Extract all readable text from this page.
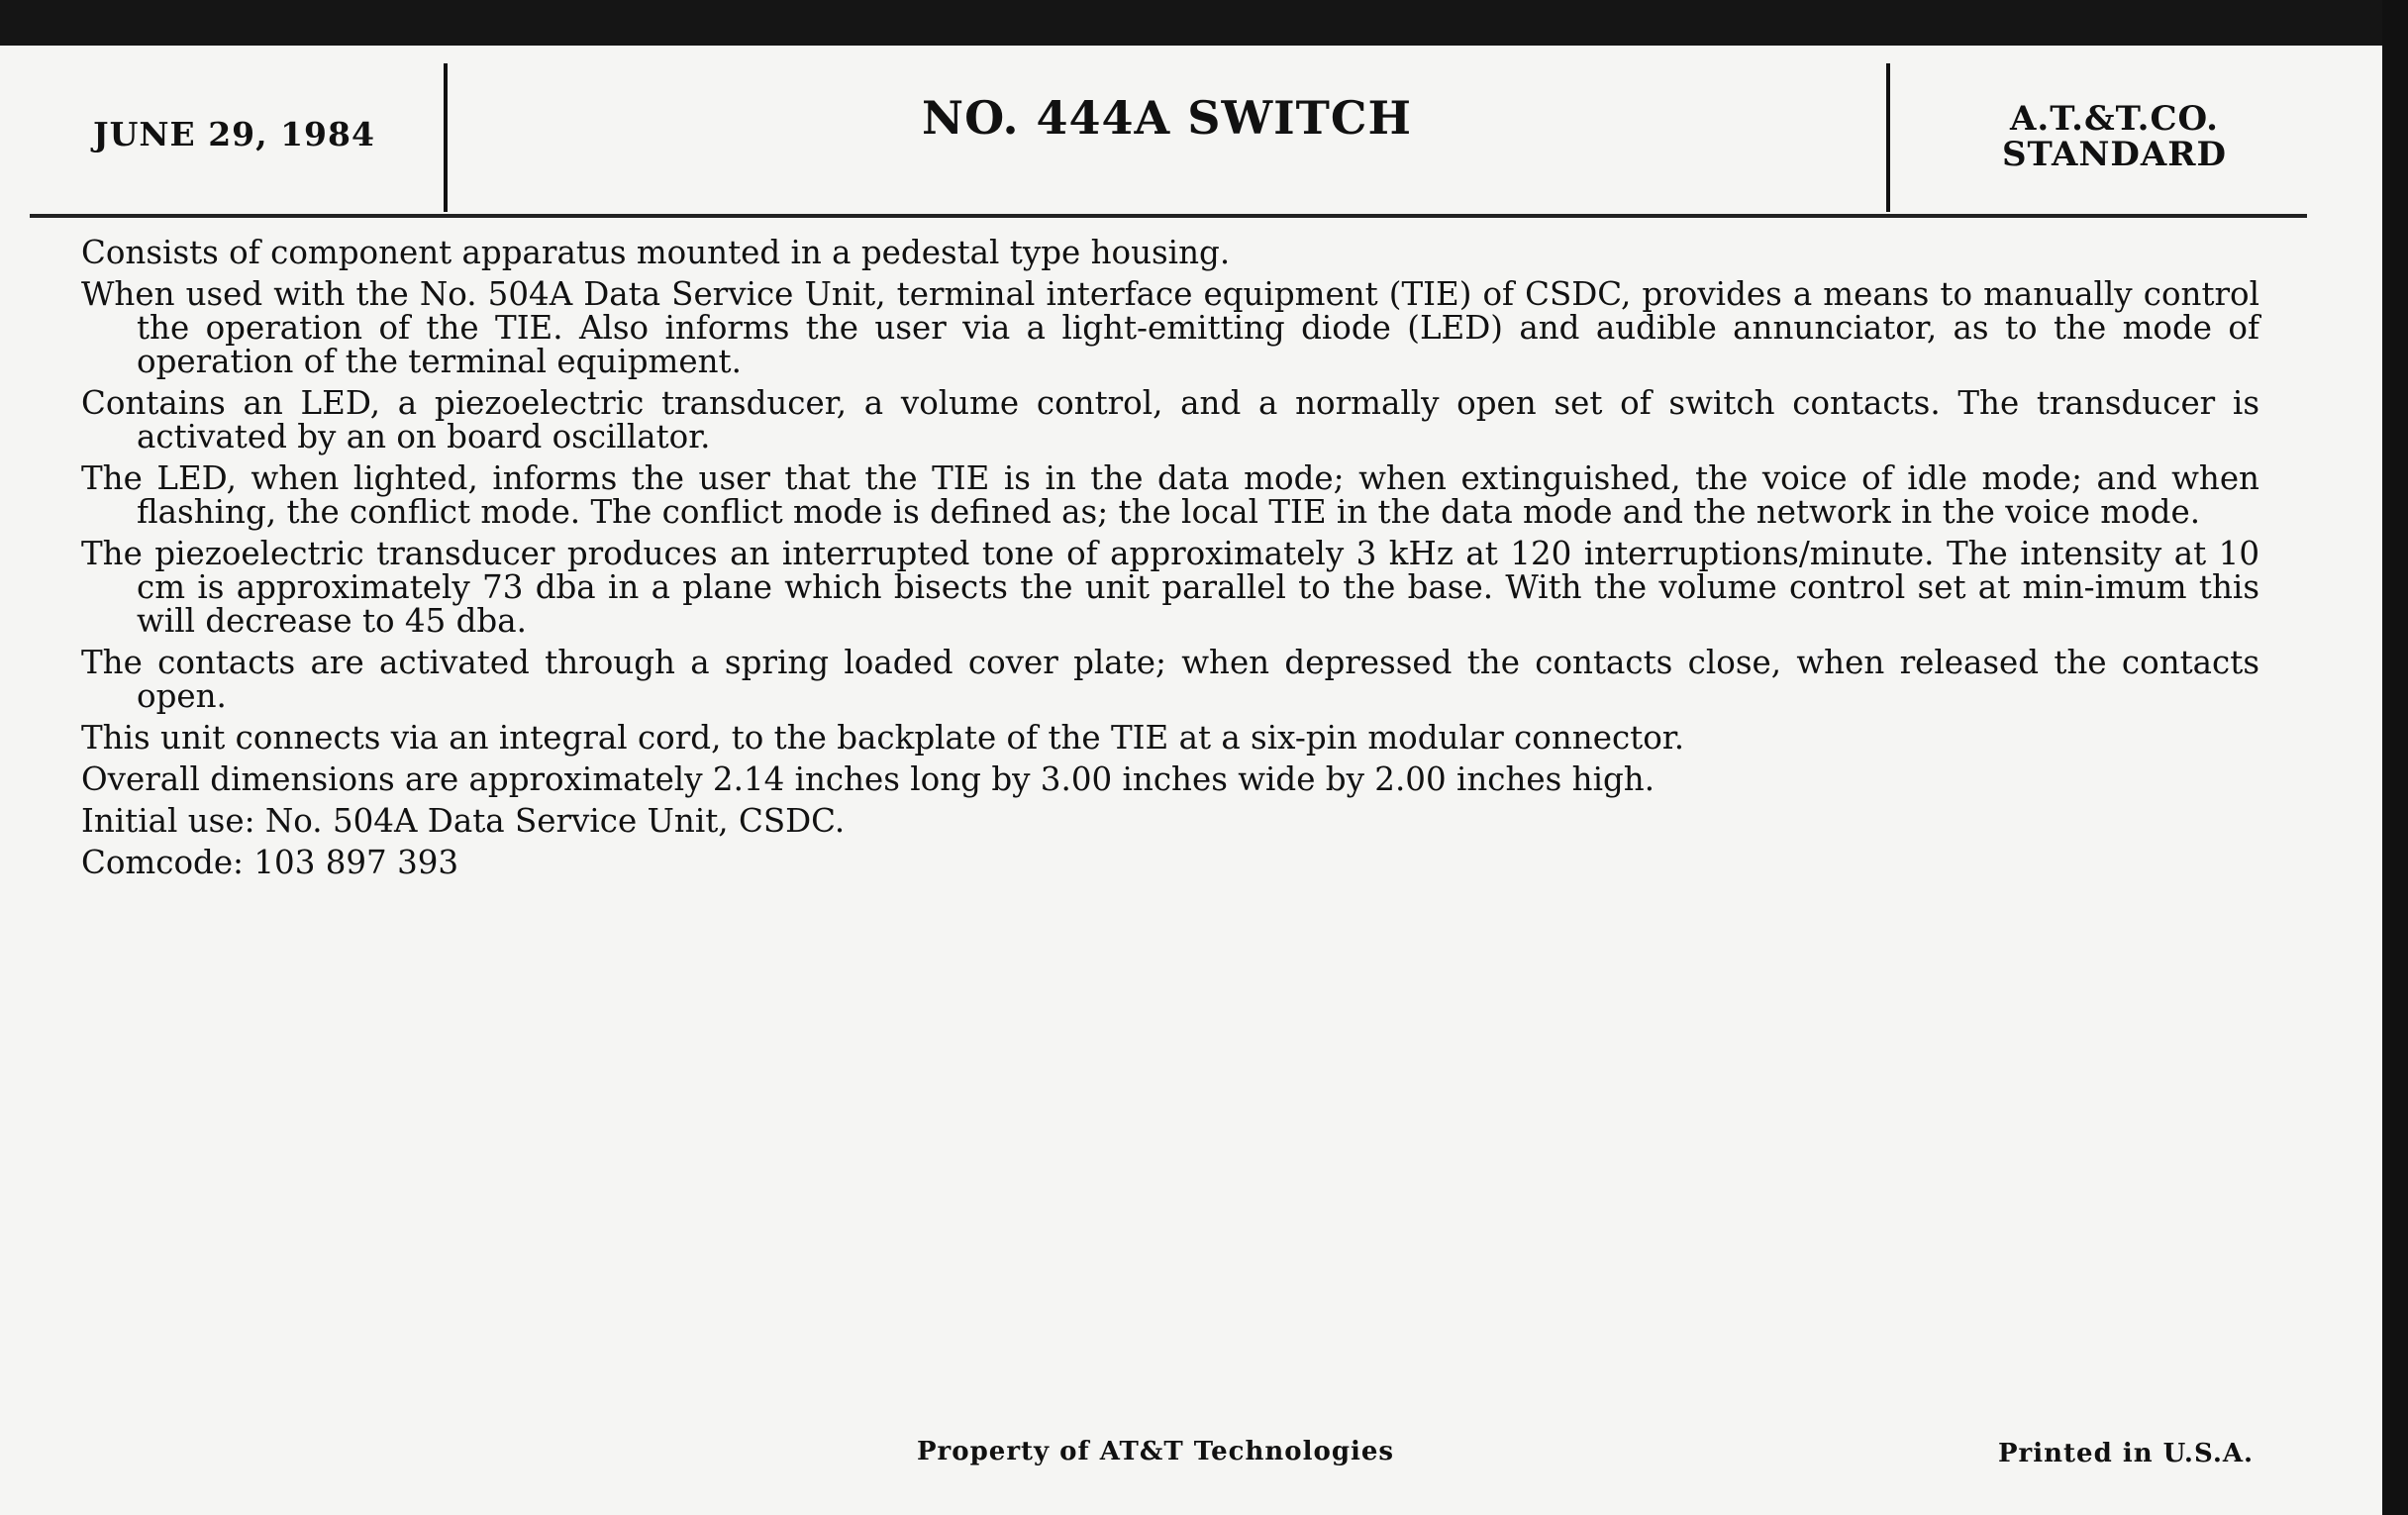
JUNE 29, 1984	NO. 444A SWITCH	A.T.&T.CO.
STANDARD

Consists of component apparatus mounted in a pedestal type housing.

When used with the No. 504A Data Service Unit, terminal interface equipment (TIE) of CSDC, provides a means to manually control the operation of the TIE. Also informs the user via a light-emitting diode (LED) and audible annunciator, as to the mode of operation of the terminal equipment.

Contains an LED, a piezoelectric transducer, a volume control, and a normally open set of switch contacts. The transducer is activated by an on board oscillator.

The LED, when lighted, informs the user that the TIE is in the data mode; when extinguished, the voice of idle mode; and when flashing, the conflict mode. The conflict mode is defined as; the local TIE in the data mode and the network in the voice mode.

The piezoelectric transducer produces an interrupted tone of approximately 3 kHz at 120 interruptions/minute. The intensity at 10 cm is approximately 73 dba in a plane which bisects the unit parallel to the base. With the volume control set at min-imum this will decrease to 45 dba.

The contacts are activated through a spring loaded cover plate; when depressed the contacts close, when released the contacts open.

This unit connects via an integral cord, to the backplate of the TIE at a six-pin modular connector.

Overall dimensions are approximately 2.14 inches long by 3.00 inches wide by 2.00 inches high.

Initial use: No. 504A Data Service Unit, CSDC.

Comcode: 103 897 393

Property of AT&T Technologies	Printed in U.S.A.
